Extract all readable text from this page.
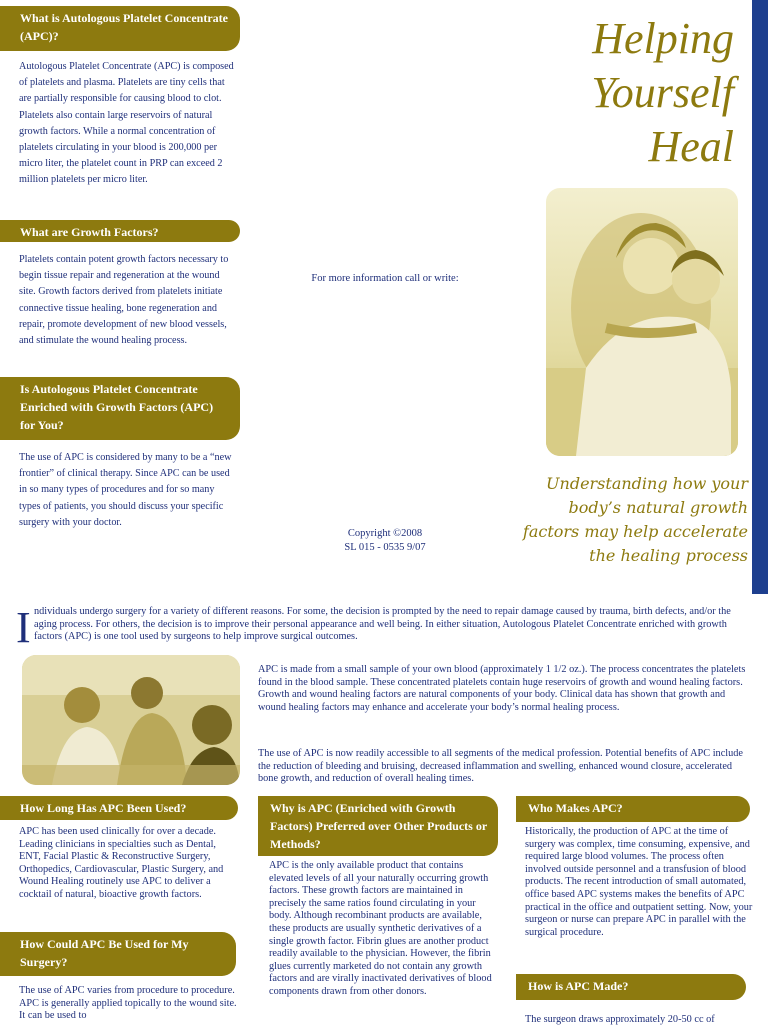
What is Autologous Platelet Concentrate (APC)?
Autologous Platelet Concentrate (APC) is composed of platelets and plasma. Platelets are tiny cells that are partially responsible for causing blood to clot. Platelets also contain large reservoirs of natural growth factors. While a normal concentration of platelets circulating in your blood is 200,000 per micro liter, the platelet count in PRP can exceed 2 million platelets per micro liter.
What are Growth Factors?
Platelets contain potent growth factors necessary to begin tissue repair and regeneration at the wound site. Growth factors derived from platelets initiate connective tissue healing, bone regeneration and repair, promote development of new blood vessels, and stimulate the wound healing process.
Is Autologous Platelet Concentrate Enriched with Growth Factors (APC) for You?
The use of APC is considered by many to be a “new frontier” of clinical therapy. Since APC can be used in so many types of procedures and for so many types of patients, you should discuss your specific surgery with your doctor.
For more information call or write:
Copyright ©2008
SL 015 - 0535 9/07
Helping
Yourself
Heal
Understanding how your body’s natural growth factors may help accelerate the healing process
I ndividuals undergo surgery for a variety of different reasons. For some, the decision is prompted by the need to repair damage caused by trauma, birth defects, and/or the aging process. For others, the decision is to improve their personal appearance and well being. In either situation, Autologous Platelet Concentrate enriched with growth factors (APC) is one tool used by surgeons to help improve surgical outcomes.
APC is made from a small sample of your own blood (approximately 1 1/2 oz.). The process concentrates the platelets found in the blood sample. These concentrated platelets contain huge reservoirs of growth and wound healing factors. Growth and wound healing factors are natural components of your body. Clinical data has shown that growth and wound healing factors may enhance and accelerate your body’s normal healing process.
The use of APC is now readily accessible to all segments of the medical profession. Potential benefits of APC include the reduction of bleeding and bruising, decreased inflammation and swelling, enhanced wound closure, accelerated bone growth, and reduction of overall healing times.
How Long Has APC Been Used?
APC has been used clinically for over a decade. Leading clinicians in specialties such as Dental, ENT, Facial Plastic & Reconstructive Surgery, Orthopedics, Cardiovascular, Plastic Surgery, and Wound Healing routinely use APC to deliver a cocktail of natural, bioactive growth factors.
How Could APC Be Used for My Surgery?
The use of APC varies from procedure to procedure. APC is generally applied topically to the wound site. It can be used to
Why is APC (Enriched with Growth Factors) Preferred over Other Products or Methods?
APC is the only available product that contains elevated levels of all your naturally occurring growth factors. These growth factors are maintained in precisely the same ratios found circulating in your body. Although recombinant products are available, these products are usually synthetic derivatives of a single growth factor. Fibrin glues are another product readily available to the physician. However, the fibrin glues currently marketed do not contain any growth factors and are virally inactivated derivatives of blood components drawn from other donors.
Who Makes APC?
Historically, the production of APC at the time of surgery was complex, time consuming, expensive, and required large blood volumes. The process often involved outside personnel and a transfusion of blood products. The recent introduction of small automated, office based APC systems makes the benefits of APC practical in the office and outpatient setting. Now, your surgeon or nurse can prepare APC in parallel with the surgical procedure.
How is APC Made?
The surgeon draws approximately 20-50 cc of
